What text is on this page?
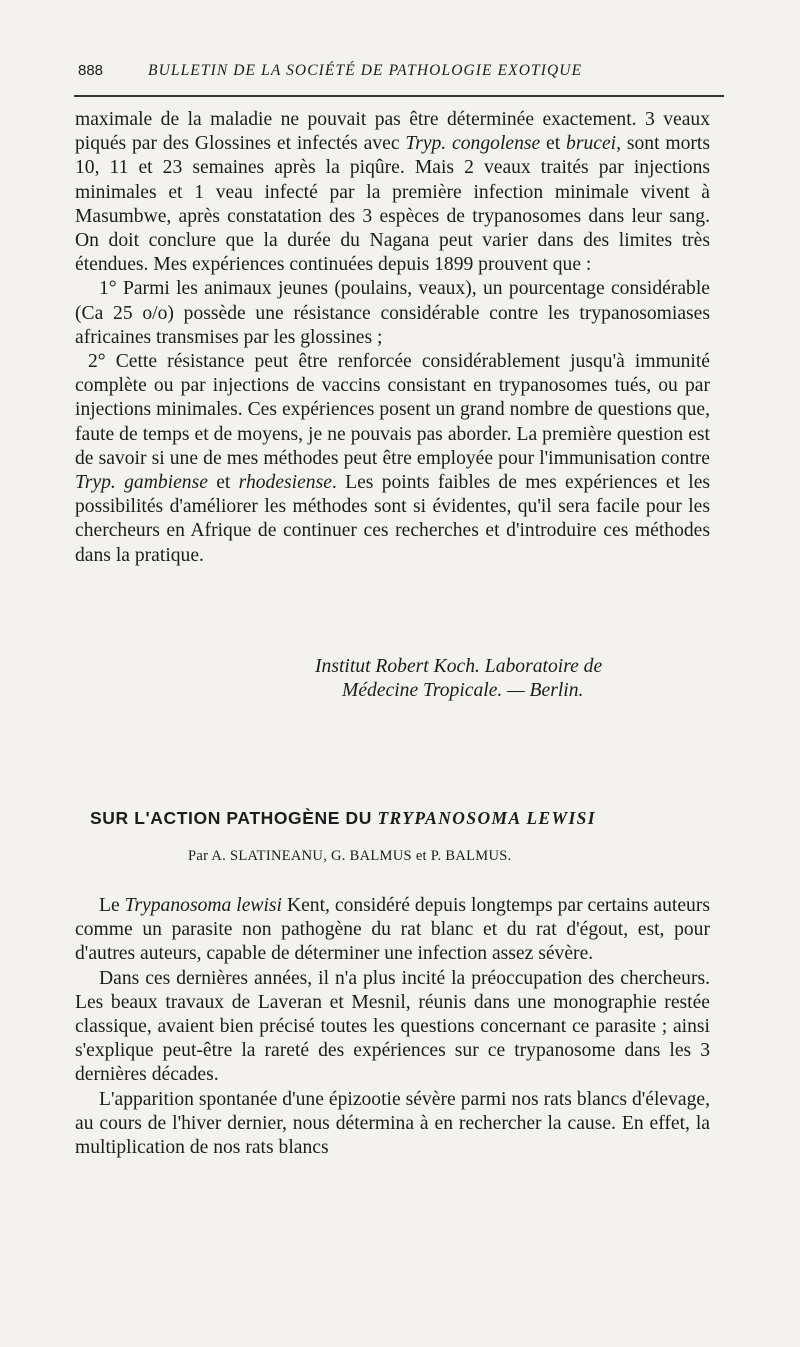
888	BULLETIN DE LA SOCIÉTÉ DE PATHOLOGIE EXOTIQUE

maximale de la maladie ne pouvait pas être déterminée exactement. 3 veaux piqués par des Glossines et infectés avec Tryp. congolense et brucei, sont morts 10, 11 et 23 semaines après la piqûre. Mais 2 veaux traités par injections minimales et 1 veau infecté par la première infection minimale vivent à Masumbwe, après constatation des 3 espèces de trypanosomes dans leur sang. On doit conclure que la durée du Nagana peut varier dans des limites très étendues. Mes expériences continuées depuis 1899 prouvent que :

1° Parmi les animaux jeunes (poulains, veaux), un pourcentage considérable (Ca 25 o/o) possède une résistance considérable contre les trypanosomiases africaines transmises par les glossines ;

2° Cette résistance peut être renforcée considérablement jusqu'à immunité complète ou par injections de vaccins consistant en trypanosomes tués, ou par injections minimales. Ces expériences posent un grand nombre de questions que, faute de temps et de moyens, je ne pouvais pas aborder. La première question est de savoir si une de mes méthodes peut être employée pour l'immunisation contre Tryp. gambiense et rhodesiense. Les points faibles de mes expériences et les possibilités d'améliorer les méthodes sont si évidentes, qu'il sera facile pour les chercheurs en Afrique de continuer ces recherches et d'introduire ces méthodes dans la pratique.

Institut Robert Koch. Laboratoire de
Médecine Tropicale. — Berlin.
SUR L'ACTION PATHOGÈNE DU TRYPANOSOMA LEWISI
Par A. SLATINEANU, G. BALMUS et P. BALMUS.

Le Trypanosoma lewisi Kent, considéré depuis longtemps par certains auteurs comme un parasite non pathogène du rat blanc et du rat d'égout, est, pour d'autres auteurs, capable de déterminer une infection assez sévère.

Dans ces dernières années, il n'a plus incité la préoccupation des chercheurs. Les beaux travaux de Laveran et Mesnil, réunis dans une monographie restée classique, avaient bien précisé toutes les questions concernant ce parasite ; ainsi s'explique peut-être la rareté des expériences sur ce trypanosome dans les 3 dernières décades.

L'apparition spontanée d'une épizootie sévère parmi nos rats blancs d'élevage, au cours de l'hiver dernier, nous détermina à en rechercher la cause. En effet, la multiplication de nos rats blancs
